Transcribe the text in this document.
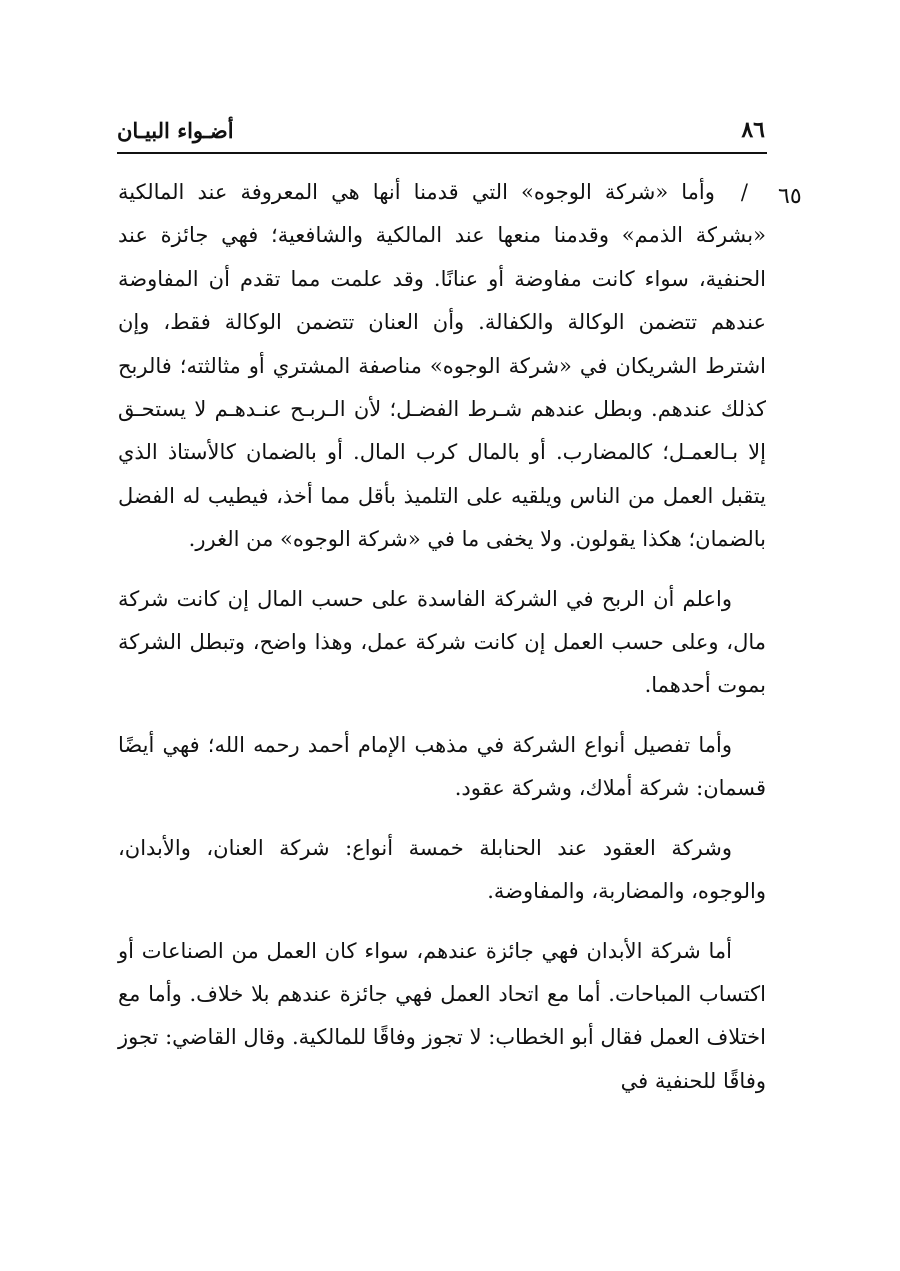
أضـواء البيـان	٨٦
٦٥

/وأما «شركة الوجوه» التي قدمنا أنها هي المعروفة عند المالكية «بشركة الذمم» وقدمنا منعها عند المالكية والشافعية؛ فهي جائزة عند الحنفية، سواء كانت مفاوضة أو عنانًا. وقد علمت مما تقدم أن المفاوضة عندهم تتضمن الوكالة والكفالة. وأن العنان تتضمن الوكالة فقط، وإن اشترط الشريكان في «شركة الوجوه» مناصفة المشتري أو مثالثته؛ فالربح كذلك عندهم. وبطل عندهم شـرط الفضـل؛ لأن الـربـح عنـدهـم لا يستحـق إلا بـالعمـل؛ كالمضارب. أو بالمال كرب المال. أو بالضمان كالأستاذ الذي يتقبل العمل من الناس ويلقيه على التلميذ بأقل مما أخذ، فيطيب له الفضل بالضمان؛ هكذا يقولون. ولا يخفى ما في «شركة الوجوه» من الغرر.

واعلم أن الربح في الشركة الفاسدة على حسب المال إن كانت شركة مال، وعلى حسب العمل إن كانت شركة عمل، وهذا واضح، وتبطل الشركة بموت أحدهما.

وأما تفصيل أنواع الشركة في مذهب الإمام أحمد رحمه الله؛ فهي أيضًا قسمان: شركة أملاك، وشركة عقود.

وشركة العقود عند الحنابلة خمسة أنواع: شركة العنان، والأبدان، والوجوه، والمضاربة، والمفاوضة.

أما شركة الأبدان فهي جائزة عندهم، سواء كان العمل من الصناعات أو اكتساب المباحات. أما مع اتحاد العمل فهي جائزة عندهم بلا خلاف. وأما مع اختلاف العمل فقال أبو الخطاب: لا تجوز وفاقًا للمالكية. وقال القاضي: تجوز وفاقًا للحنفية في
